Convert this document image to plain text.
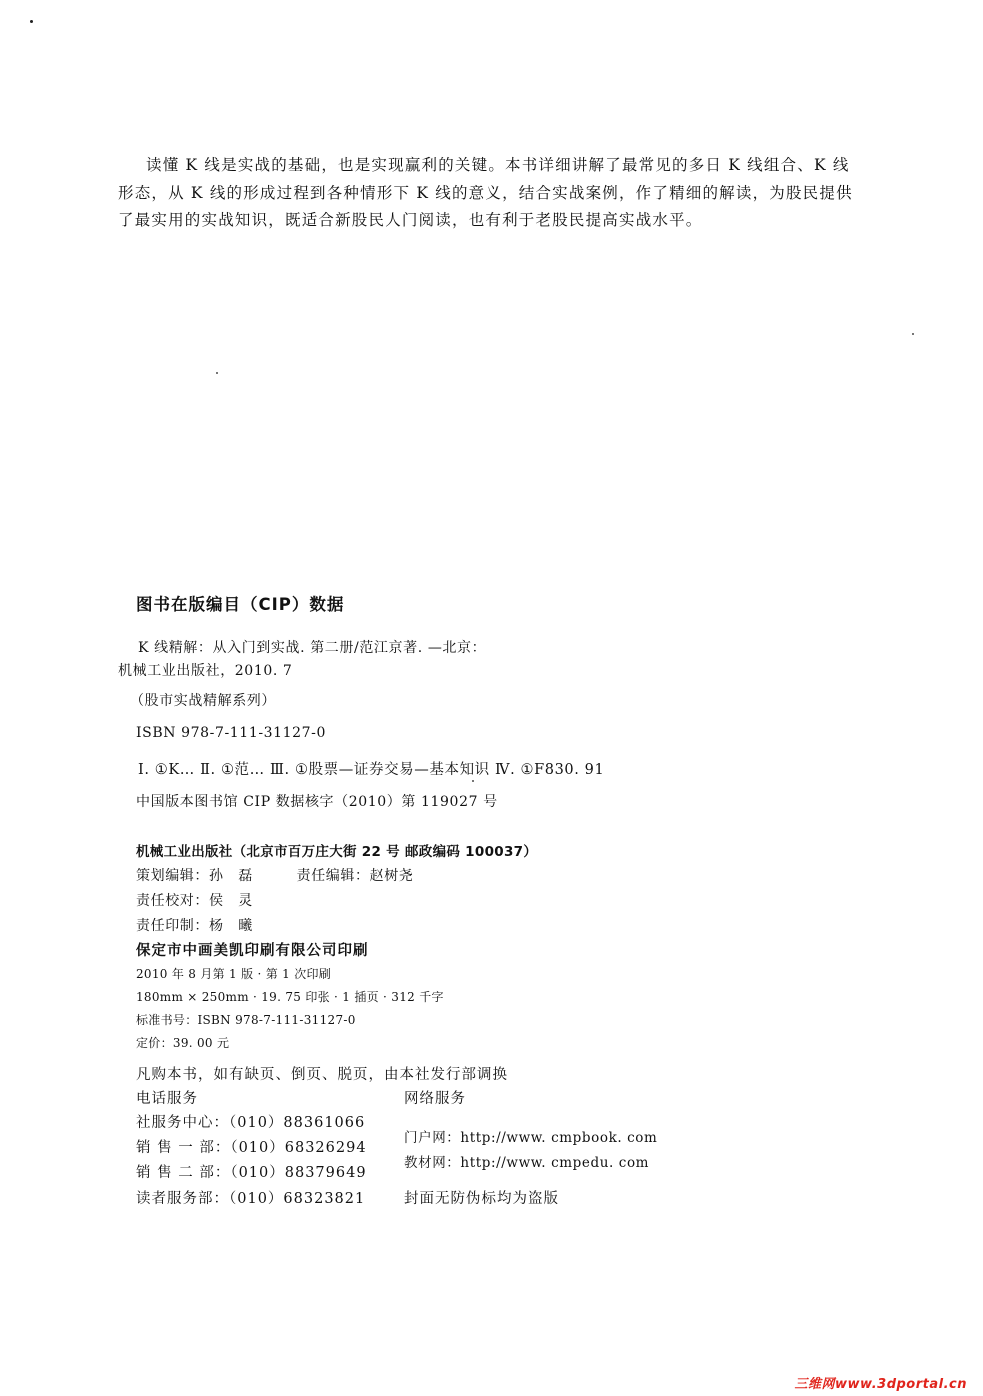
读懂 K 线是实战的基础，也是实现赢利的关键。本书详细讲解了最常见的多日 K 线组合、K 线

形态，从 K 线的形成过程到各种情形下 K 线的意义，结合实战案例，作了精细的解读，为股民提供

了最实用的实战知识，既适合新股民人门阅读，也有利于老股民提高实战水平。

图书在版编目（CIP）数据
K 线精解：从入门到实战. 第二册/范江京著. —北京：
机械工业出版社，2010. 7
（股市实战精解系列）
ISBN 978-7-111-31127-0
Ⅰ. ①K… Ⅱ. ①范… Ⅲ. ①股票—证券交易—基本知识 Ⅳ. ①F830. 91
中国版本图书馆 CIP 数据核字（2010）第 119027 号
机械工业出版社（北京市百万庄大街 22 号 邮政编码 100037）
策划编辑：孙　磊　　　责任编辑：赵树尧
责任校对：侯　灵
责任印制：杨　曦
保定市中画美凯印刷有限公司印刷
2010 年 8 月第 1 版 · 第 1 次印刷
180mm × 250mm · 19. 75 印张 · 1 插页 · 312 千字
标准书号：ISBN 978-7-111-31127-0
定价：39. 00 元
凡购本书，如有缺页、倒页、脱页，由本社发行部调换
电话服务	网络服务
社服务中心：（010）88361066
销 售 一 部：（010）68326294
销 售 二 部：（010）88379649
读者服务部：（010）68323821
门户网：http://www. cmpbook. com
教材网：http://www. cmpedu. com
封面无防伪标均为盗版
三维网www.3dportal.cn
